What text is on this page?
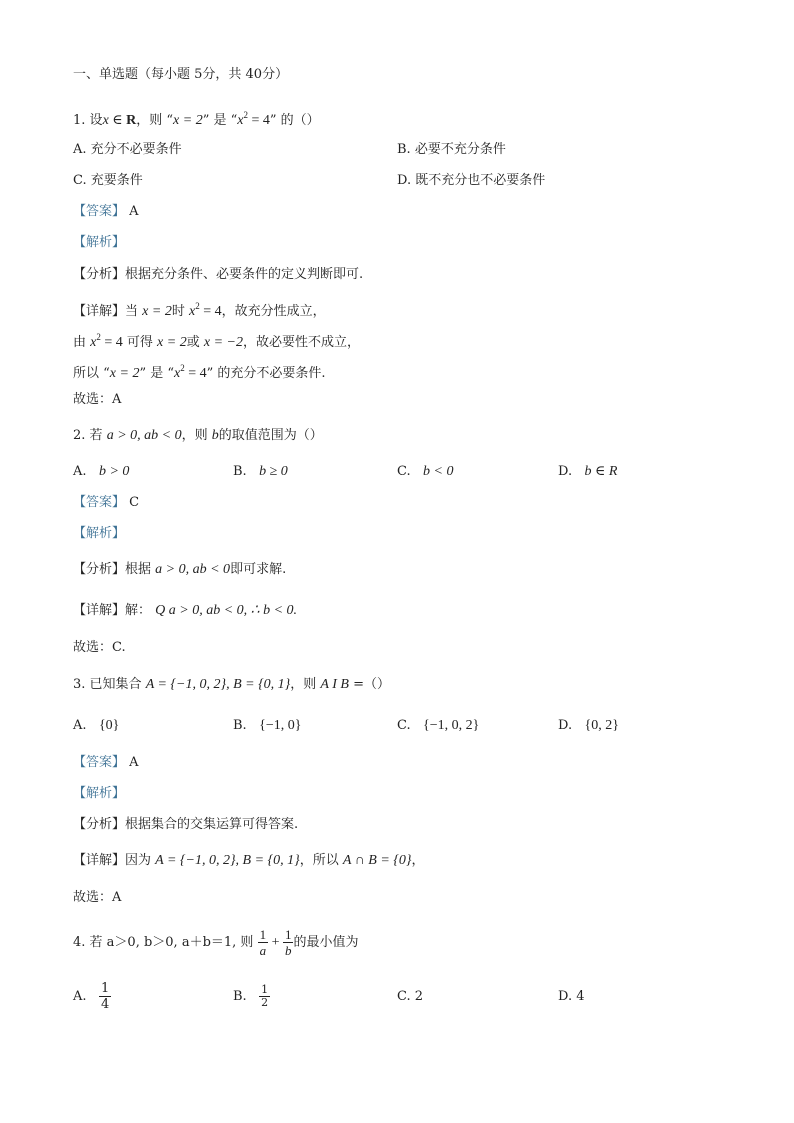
一、单选题（每小题 5分，共 40分）
1. 设x ∈ R，则 “x = 2” 是 “$x^2 = 4$” 的（）
A. 充分不必要条件	B. 必要不充分条件
C. 充要条件	D. 既不充分也不必要条件
【答案】 A
【解析】
【分析】根据充分条件、必要条件的定义判断即可.
【详解】当 x = 2时 $x^2 = 4$，故充分性成立，
由 $x^2 = 4$ 可得 x = 2或 x = −2，故必要性不成立，
所以 “x = 2” 是 “$x^2 = 4$” 的充分不必要条件.
故选：A
2. 若 a > 0, ab < 0，则 b的取值范围为（）
A. b > 0	B. b ≥ 0	C. b < 0	D. b ∈ R
【答案】 C
【解析】
【分析】根据 a > 0, ab < 0即可求解.
【详解】解： Q a > 0, ab < 0, ∴ b < 0.
故选：C.
3. 已知集合 A = {−1, 0, 2}, B = {0, 1}，则 A I B =（）
A. {0}	B. {−1, 0}	C. {−1, 0, 2}	D. {0, 2}
【答案】 A
【解析】
【分析】根据集合的交集运算可得答案.
【详解】因为 A = {−1, 0, 2}, B = {0, 1}，所以 A ∩ B = {0}，
故选：A
4. 若 a＞0, b＞0, a＋b＝1, 则 $\frac{1}{a} + \frac{1}{b}$ 的最小值为
A. $\frac{1}{4}$	B. $\frac{1}{2}$	C. 2	D. 4
